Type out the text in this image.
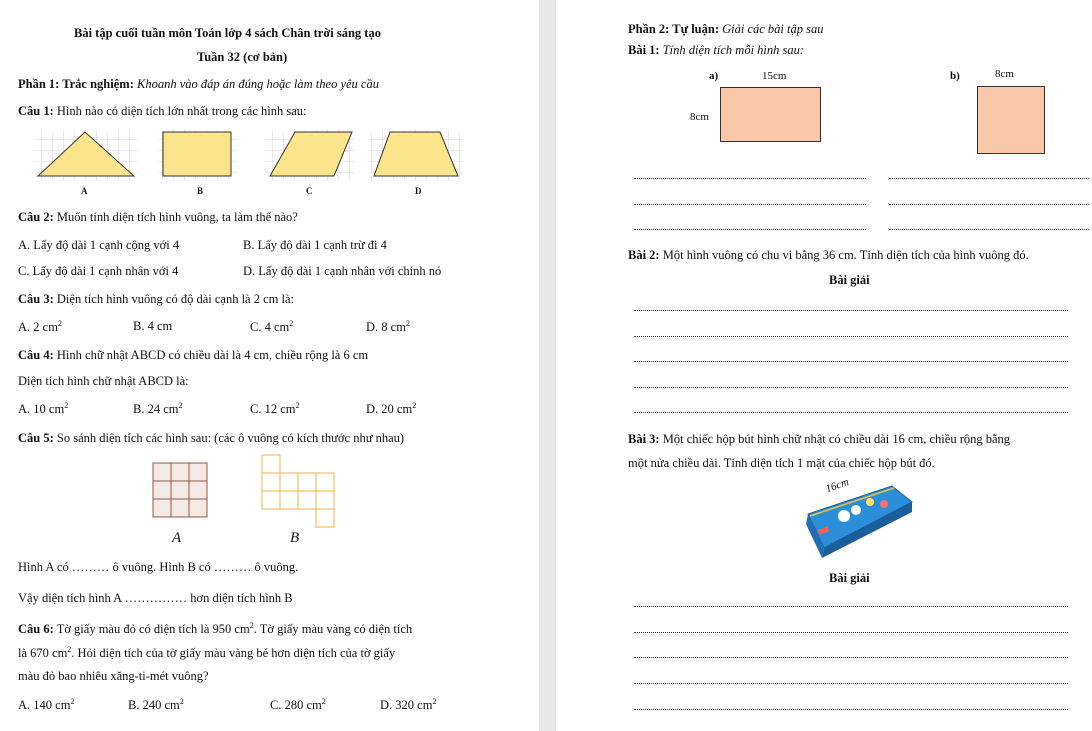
Bài tập cuối tuần môn Toán lớp 4 sách Chân trời sáng tạo
Tuần 32 (cơ bản)
Phần 1: Trắc nghiệm: Khoanh vào đáp án đúng hoặc làm theo yêu cầu
Câu 1: Hình nào có diện tích lớn nhất trong các hình sau:
A	B	C	D
Câu 2: Muốn tính diện tích hình vuông, ta làm thế nào?
A. Lấy độ dài 1 cạnh cộng với 4	B. Lấy độ dài 1 cạnh trừ đi 4
C. Lấy độ dài 1 cạnh nhân với 4	D. Lấy độ dài 1 cạnh nhân với chính nó
Câu 3: Diện tích hình vuông có độ dài cạnh là 2 cm là:
A. 2 $cm^2$	B. 4 cm	C. 4 $cm^2$	D. 8 $cm^2$
Câu 4: Hình chữ nhật ABCD có chiều dài là 4 cm, chiều rộng là 6 cm
Diện tích hình chữ nhật ABCD là:
A. 10 $cm^2$	B. 24 $cm^2$	C. 12 $cm^2$	D. 20 $cm^2$
Câu 5: So sánh diện tích các hình sau: (các ô vuông có kích thước như nhau)
A	B
Hình A có ……… ô vuông. Hình B có ……… ô vuông.
Vậy diện tích hình A …………… hơn diện tích hình B
Câu 6: Tờ giấy màu đỏ có diện tích là 950 $cm^2$. Tờ giấy màu vàng có diện tích
là 670 $cm^2$. Hỏi diện tích của tờ giấy màu vàng bé hơn diện tích của tờ giấy
màu đỏ bao nhiêu xăng-ti-mét vuông?
A. 140 $cm^2$	B. 240 $cm^2$	C. 280 $cm^2$	D. 320 $cm^2$
Phần 2: Tự luận: Giải các bài tập sau
Bài 1: Tính diện tích mỗi hình sau:
a)	15cm
8cm
b)	8cm
Bài 2: Một hình vuông có chu vi bằng 36 cm. Tính diện tích của hình vuông đó.
Bài giải
Bài 3: Một chiếc hộp bút hình chữ nhật có chiều dài 16 cm, chiều rộng bằng
một nửa chiều dài. Tính diện tích 1 mặt của chiếc hộp bút đó.
16cm
Bài giải
